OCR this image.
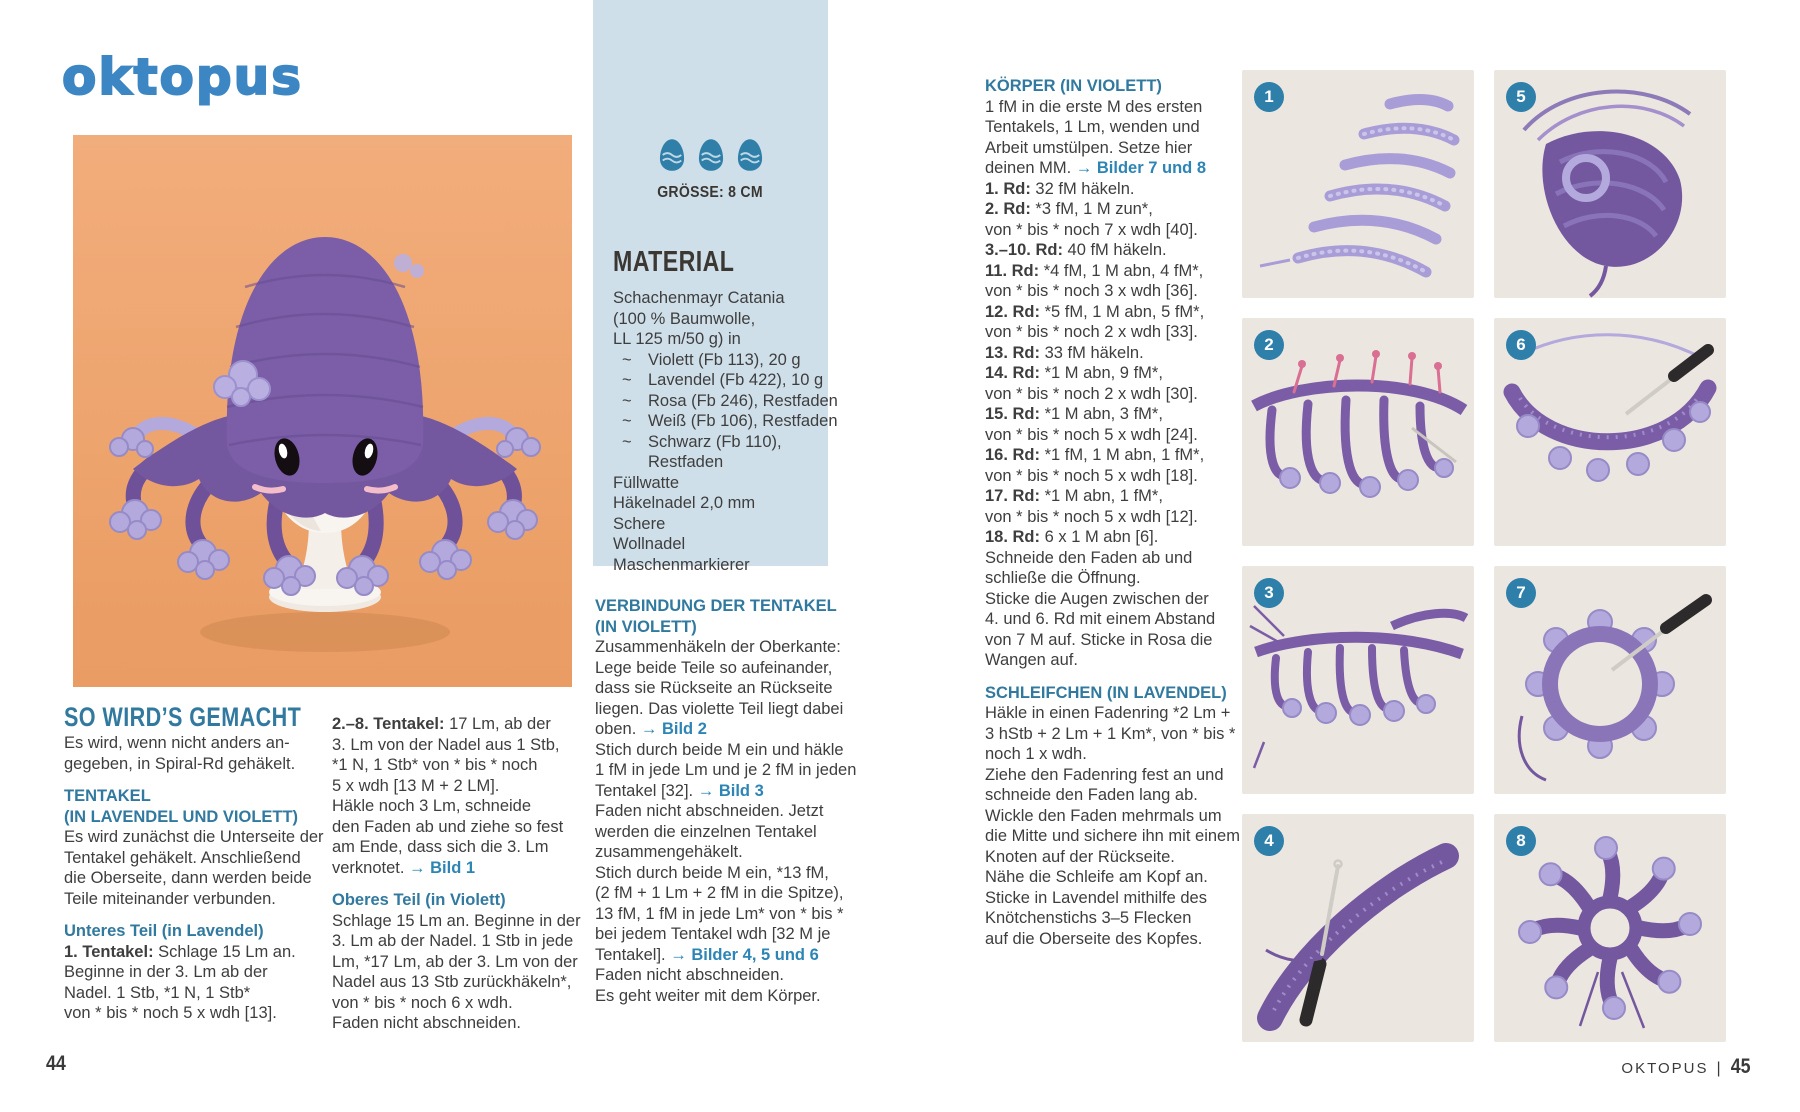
oktopus
SO WIRD’S GEMACHT
Es wird, wenn nicht anders an-
gegeben, in Spiral-Rd gehäkelt.
TENTAKEL
(IN LAVENDEL UND VIOLETT)
Es wird zunächst die Unterseite der
Tentakel gehäkelt. Anschließend
die Oberseite, dann werden beide
Teile miteinander verbunden.
Unteres Teil (in Lavendel)
1. Tentakel: Schlage 15 Lm an.
Beginne in der 3. Lm ab der
Nadel. 1 Stb, *1 N, 1 Stb*
von * bis * noch 5 x wdh [13].
2.–8. Tentakel: 17 Lm, ab der
3. Lm von der Nadel aus 1 Stb,
*1 N, 1 Stb* von * bis * noch
5 x wdh [13 M + 2 LM].
Häkle noch 3 Lm, schneide
den Faden ab und ziehe so fest
am Ende, dass sich die 3. Lm
verknotet. → Bild 1
Oberes Teil (in Violett)
Schlage 15 Lm an. Beginne in der
3. Lm ab der Nadel. 1 Stb in jede
Lm, *17 Lm, ab der 3. Lm von der
Nadel aus 13 Stb zurückhäkeln*,
von * bis * noch 6 x wdh.
Faden nicht abschneiden.
GRÖSSE: 8 CM
MATERIAL
Schachenmayr Catania
(100 % Baumwolle,
LL 125 m/50 g) in
~ Violett (Fb 113), 20 g
~ Lavendel (Fb 422), 10 g
~ Rosa (Fb 246), Restfaden
~ Weiß (Fb 106), Restfaden
~ Schwarz (Fb 110),
Restfaden
Füllwatte
Häkelnadel 2,0 mm
Schere
Wollnadel
Maschenmarkierer
VERBINDUNG DER TENTAKEL
(IN VIOLETT)
Zusammenhäkeln der Oberkante:
Lege beide Teile so aufeinander,
dass sie Rückseite an Rückseite
liegen. Das violette Teil liegt dabei
oben. → Bild 2
Stich durch beide M ein und häkle
1 fM in jede Lm und je 2 fM in jeden
Tentakel [32]. → Bild 3
Faden nicht abschneiden. Jetzt
werden die einzelnen Tentakel
zusammengehäkelt.
Stich durch beide M ein, *13 fM,
(2 fM + 1 Lm + 2 fM in die Spitze),
13 fM, 1 fM in jede Lm* von * bis *
bei jedem Tentakel wdh [32 M je
Tentakel]. → Bilder 4, 5 und 6
Faden nicht abschneiden.
Es geht weiter mit dem Körper.
KÖRPER (IN VIOLETT)
1 fM in die erste M des ersten
Tentakels, 1 Lm, wenden und
Arbeit umstülpen. Setze hier
deinen MM. → Bilder 7 und 8
1. Rd: 32 fM häkeln.
2. Rd: *3 fM, 1 M zun*,
von * bis * noch 7 x wdh [40].
3.–10. Rd: 40 fM häkeln.
11. Rd: *4 fM, 1 M abn, 4 fM*,
von * bis * noch 3 x wdh [36].
12. Rd: *5 fM, 1 M abn, 5 fM*,
von * bis * noch 2 x wdh [33].
13. Rd: 33 fM häkeln.
14. Rd: *1 M abn, 9 fM*,
von * bis * noch 2 x wdh [30].
15. Rd: *1 M abn, 3 fM*,
von * bis * noch 5 x wdh [24].
16. Rd: *1 fM, 1 M abn, 1 fM*,
von * bis * noch 5 x wdh [18].
17. Rd: *1 M abn, 1 fM*,
von * bis * noch 5 x wdh [12].
18. Rd: 6 x 1 M abn [6].
Schneide den Faden ab und
schließe die Öffnung.
Sticke die Augen zwischen der
4. und 6. Rd mit einem Abstand
von 7 M auf. Sticke in Rosa die
Wangen auf.
SCHLEIFCHEN (IN LAVENDEL)
Häkle in einen Fadenring *2 Lm +
3 hStb + 2 Lm + 1 Km*, von * bis *
noch 1 x wdh.
Ziehe den Fadenring fest an und
schneide den Faden lang ab.
Wickle den Faden mehrmals um
die Mitte und sichere ihn mit einem
Knoten auf der Rückseite.
Nähe die Schleife am Kopf an.
Sticke in Lavendel mithilfe des
Knötchenstichs 3–5 Flecken
auf die Oberseite des Kopfes.
1
2
3
4
5
6
7
8
44	OKTOPUS | 45
